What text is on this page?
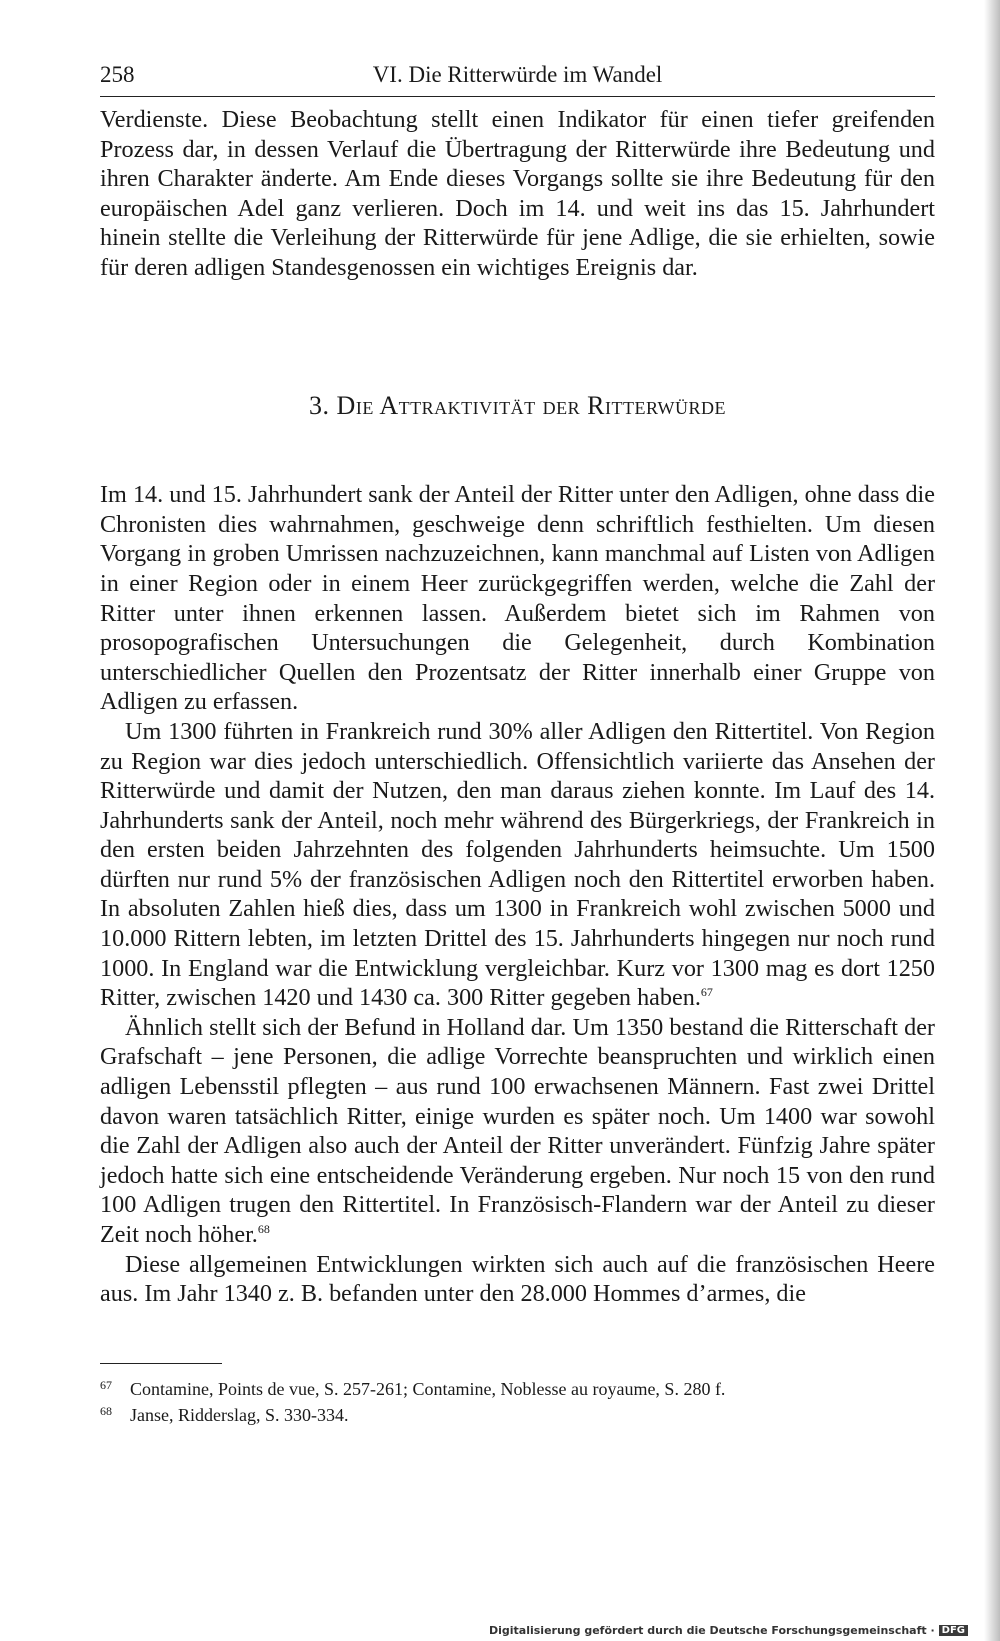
258	VI. Die Ritterwürde im Wandel

Verdienste. Diese Beobachtung stellt einen Indikator für einen tiefer greifenden Prozess dar, in dessen Verlauf die Übertragung der Ritterwürde ihre Bedeutung und ihren Charakter änderte. Am Ende dieses Vorgangs sollte sie ihre Bedeutung für den europäischen Adel ganz verlieren. Doch im 14. und weit ins das 15. Jahrhundert hinein stellte die Verleihung der Ritterwürde für jene Adlige, die sie erhielten, sowie für deren adligen Standesgenossen ein wichtiges Ereignis dar.

3. Die Attraktivität der Ritterwürde

Im 14. und 15. Jahrhundert sank der Anteil der Ritter unter den Adligen, ohne dass die Chronisten dies wahrnahmen, geschweige denn schriftlich festhielten. Um diesen Vorgang in groben Umrissen nachzuzeichnen, kann manchmal auf Listen von Adligen in einer Region oder in einem Heer zurückgegriffen werden, welche die Zahl der Ritter unter ihnen erkennen lassen. Außerdem bietet sich im Rahmen von prosopografischen Untersuchungen die Gelegenheit, durch Kombination unterschiedlicher Quellen den Prozentsatz der Ritter innerhalb einer Gruppe von Adligen zu erfassen.

Um 1300 führten in Frankreich rund 30% aller Adligen den Rittertitel. Von Region zu Region war dies jedoch unterschiedlich. Offensichtlich variierte das Ansehen der Ritterwürde und damit der Nutzen, den man daraus ziehen konnte. Im Lauf des 14. Jahrhunderts sank der Anteil, noch mehr während des Bürgerkriegs, der Frankreich in den ersten beiden Jahrzehnten des folgenden Jahrhunderts heimsuchte. Um 1500 dürften nur rund 5% der französischen Adligen noch den Rittertitel erworben haben. In absoluten Zahlen hieß dies, dass um 1300 in Frankreich wohl zwischen 5000 und 10.000 Rittern lebten, im letzten Drittel des 15. Jahrhunderts hingegen nur noch rund 1000. In England war die Entwicklung vergleichbar. Kurz vor 1300 mag es dort 1250 Ritter, zwischen 1420 und 1430 ca. 300 Ritter gegeben haben.$^{67}$

Ähnlich stellt sich der Befund in Holland dar. Um 1350 bestand die Ritterschaft der Grafschaft – jene Personen, die adlige Vorrechte beanspruchten und wirklich einen adligen Lebensstil pflegten – aus rund 100 erwachsenen Männern. Fast zwei Drittel davon waren tatsächlich Ritter, einige wurden es später noch. Um 1400 war sowohl die Zahl der Adligen also auch der Anteil der Ritter unverändert. Fünfzig Jahre später jedoch hatte sich eine entscheidende Veränderung ergeben. Nur noch 15 von den rund 100 Adligen trugen den Rittertitel. In Französisch-Flandern war der Anteil zu dieser Zeit noch höher.$^{68}$

Diese allgemeinen Entwicklungen wirkten sich auch auf die französischen Heere aus. Im Jahr 1340 z. B. befanden unter den 28.000 Hommes d’armes, die

67	Contamine, Points de vue, S. 257-261; Contamine, Noblesse au royaume, S. 280 f.
68	Janse, Ridderslag, S. 330-334.
Digitalisierung gefördert durch die Deutsche Forschungsgemeinschaft · DFG
